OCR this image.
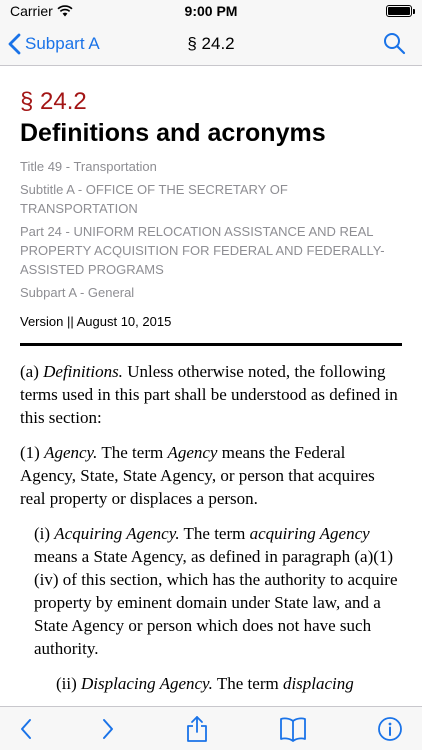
Carrier	9:00 PM
Subpart A	§ 24.2
§ 24.2
Definitions and acronyms
Title 49 - Transportation
Subtitle A - OFFICE OF THE SECRETARY OF TRANSPORTATION
Part 24 - UNIFORM RELOCATION ASSISTANCE AND REAL PROPERTY ACQUISITION FOR FEDERAL AND FEDERALLY-ASSISTED PROGRAMS
Subpart A - General
Version || August 10, 2015

(a) Definitions. Unless otherwise noted, the following terms used in this part shall be understood as defined in this section:

(1) Agency. The term Agency means the Federal Agency, State, State Agency, or person that acquires real property or displaces a person.

(i) Acquiring Agency. The term acquiring Agency means a State Agency, as defined in paragraph (a)(1)(iv) of this section, which has the authority to acquire property by eminent domain under State law, and a State Agency or person which does not have such authority.

(ii) Displacing Agency. The term displacing
